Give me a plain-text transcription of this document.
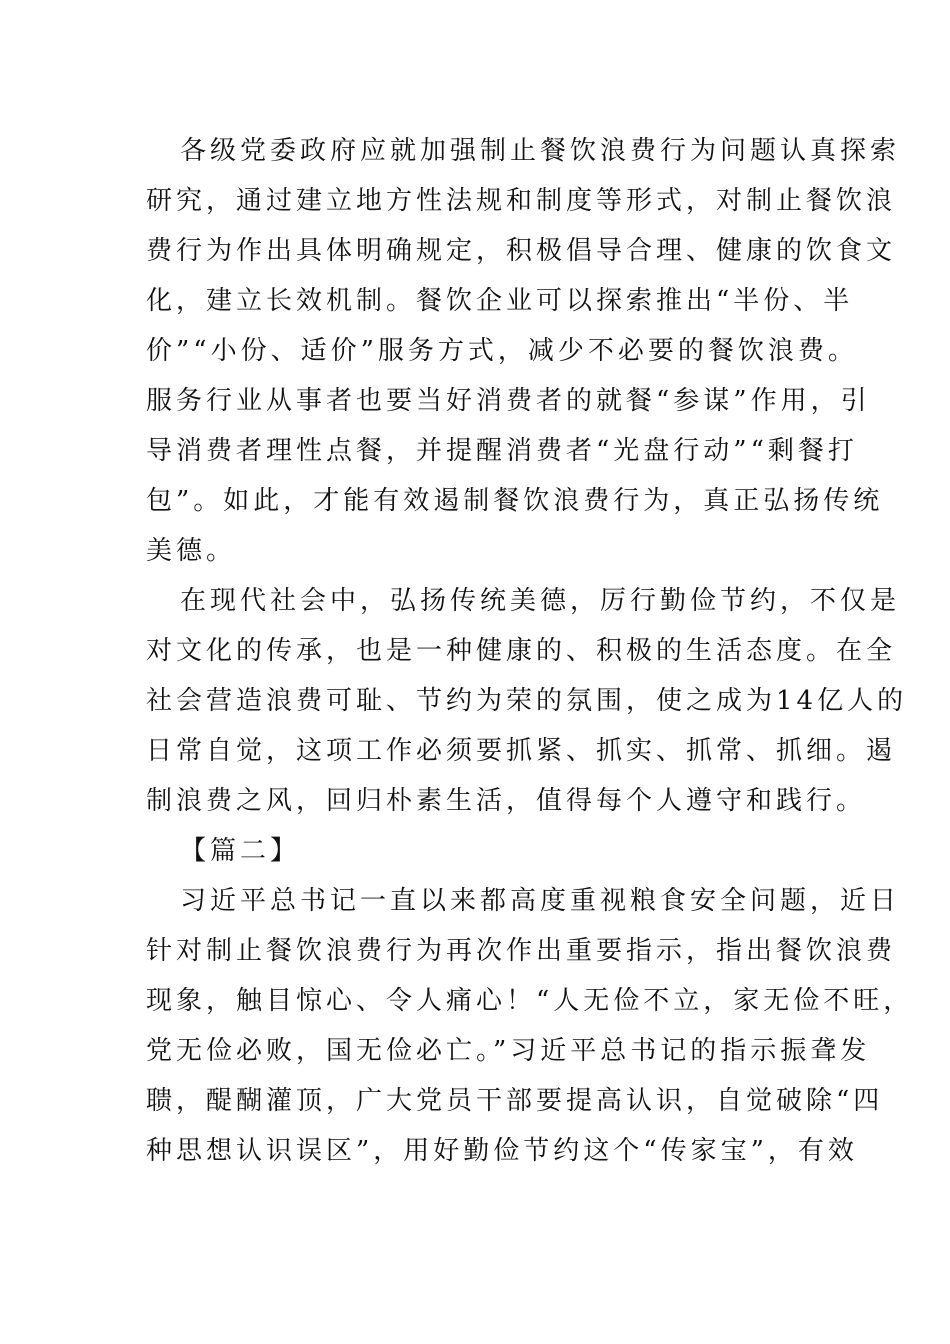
各级党委政府应就加强制止餐饮浪费行为问题认真探索
研究，通过建立地方性法规和制度等形式，对制止餐饮浪
费行为作出具体明确规定，积极倡导合理、健康的饮食文
化，建立长效机制。餐饮企业可以探索推出“半份、半
价”“小份、适价”服务方式，减少不必要的餐饮浪费。
服务行业从事者也要当好消费者的就餐“参谋”作用，引
导消费者理性点餐，并提醒消费者“光盘行动”“剩餐打
包”。如此，才能有效遏制餐饮浪费行为，真正弘扬传统
美德。
在现代社会中，弘扬传统美德，厉行勤俭节约，不仅是
对文化的传承，也是一种健康的、积极的生活态度。在全
社会营造浪费可耻、节约为荣的氛围，使之成为14亿人的
日常自觉，这项工作必须要抓紧、抓实、抓常、抓细。遏
制浪费之风，回归朴素生活，值得每个人遵守和践行。
【篇二】
习近平总书记一直以来都高度重视粮食安全问题，近日
针对制止餐饮浪费行为再次作出重要指示，指出餐饮浪费
现象，触目惊心、令人痛心！“人无俭不立，家无俭不旺，
党无俭必败，国无俭必亡。”习近平总书记的指示振聋发
聩，醍醐灌顶，广大党员干部要提高认识，自觉破除“四
种思想认识误区”，用好勤俭节约这个“传家宝”，有效
